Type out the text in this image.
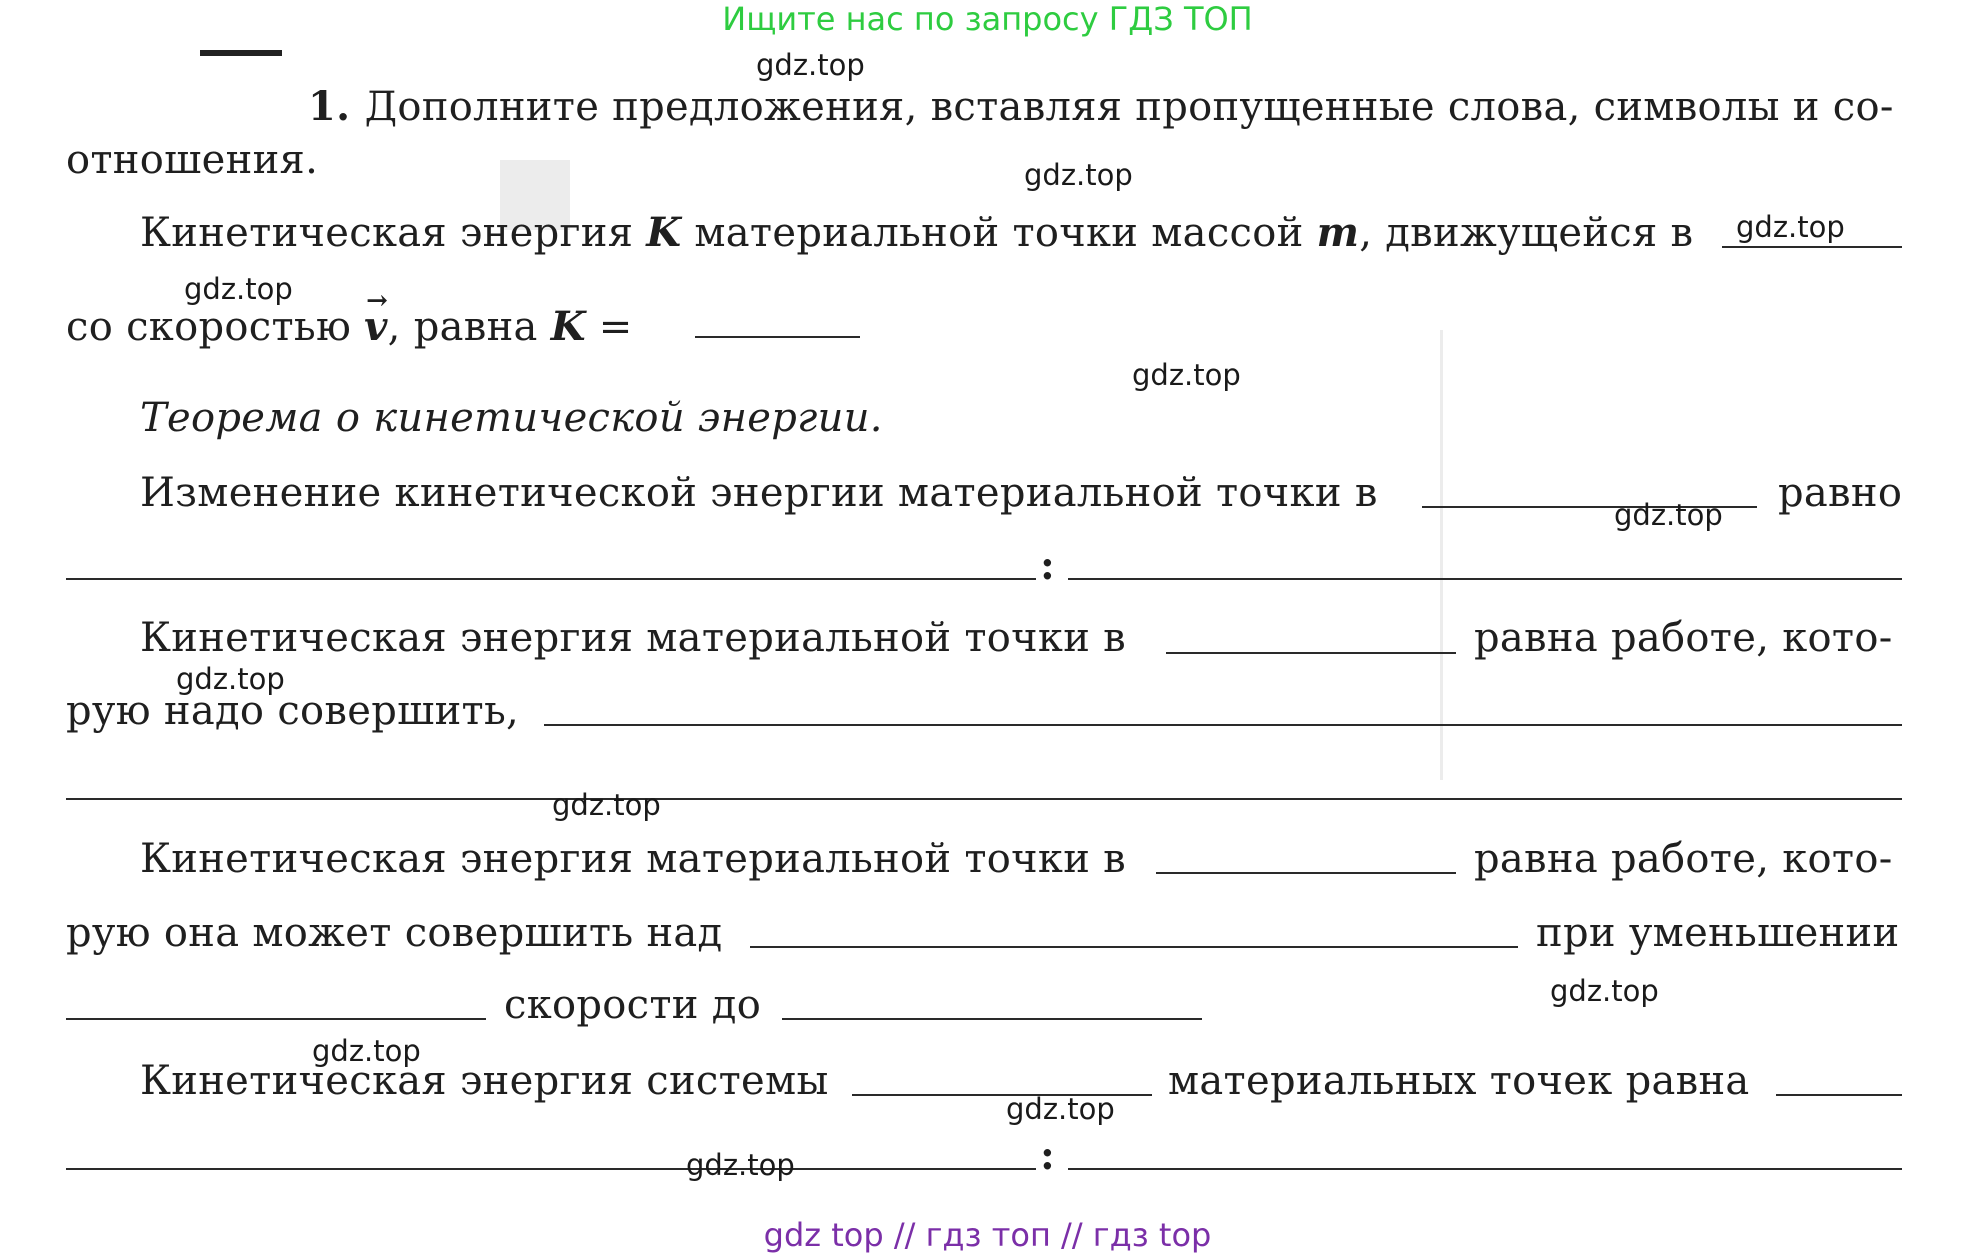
Ищите нас по запросу ГДЗ ТОП
1. Дополните предложения, вставляя пропущенные слова, символы и со-
отношения.
Кинетическая энергия K материальной точки массой m, движущейся в
со скоростью → v, равна K =
Теорема о кинетической энергии.
Изменение кинетической энергии материальной точки в	равно
:
Кинетическая энергия материальной точки в	равна работе, кото-
рую надо совершить,
Кинетическая энергия материальной точки в	равна работе, кото-
рую она может совершить над	при уменьшении
скорости до
Кинетическая энергия системы	материальных точек равна
:
gdz.top
gdz.top
gdz.top
gdz.top
gdz.top
gdz.top
gdz.top
gdz.top
gdz.top
gdz.top
gdz.top
gdz.top
gdz top // гдз топ // гдз top
